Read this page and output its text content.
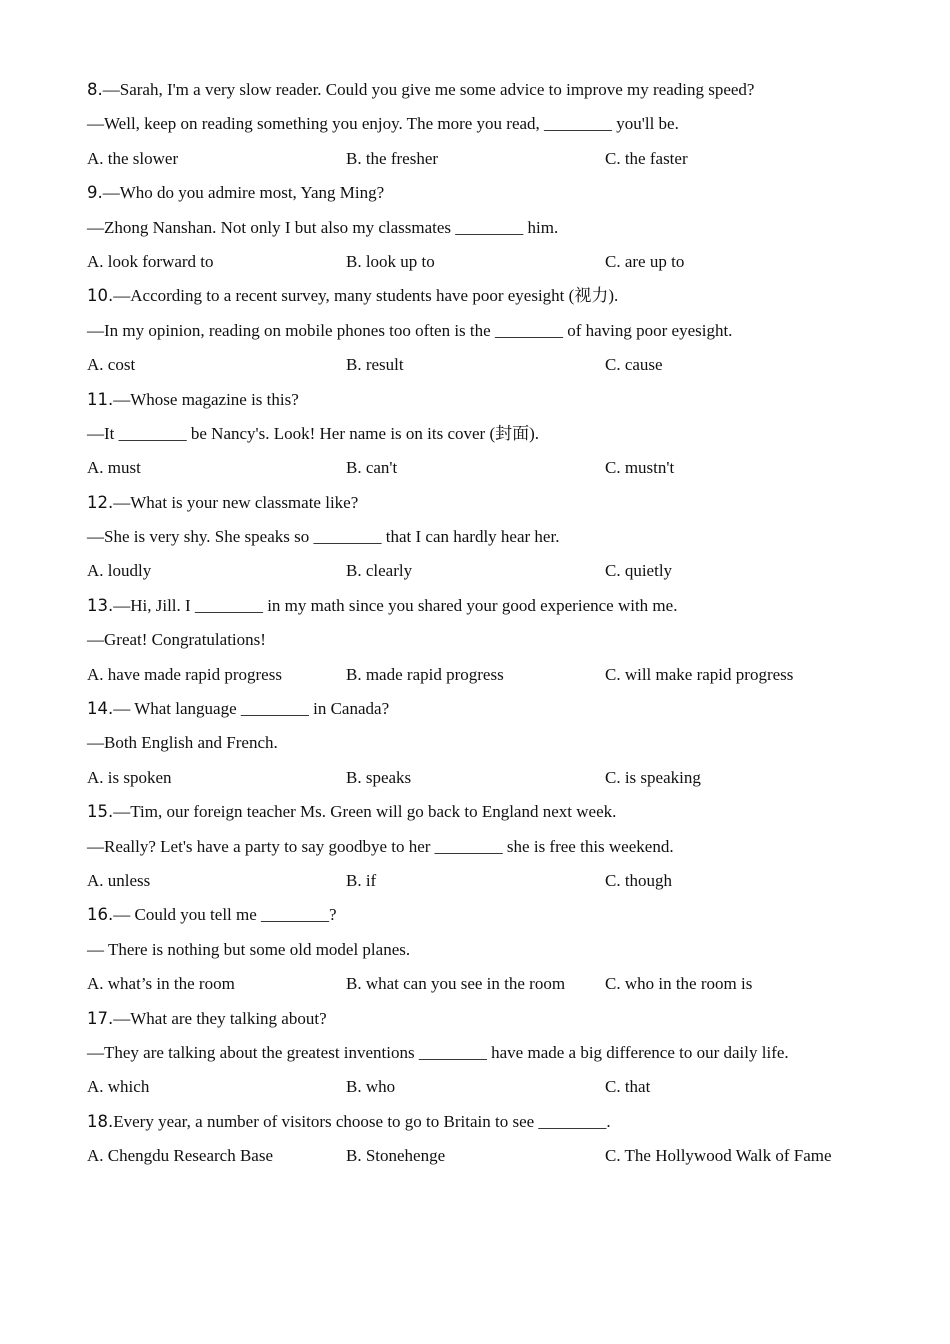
8.—Sarah, I'm a very slow reader. Could you give me some advice to improve my reading speed?
—Well, keep on reading something you enjoy. The more you read, ________ you'll be.
A. the slower	B. the fresher	C. the faster
9.—Who do you admire most, Yang Ming?
—Zhong Nanshan. Not only I but also my classmates ________ him.
A. look forward to	B. look up to	C. are up to
10.—According to a recent survey, many students have poor eyesight (视力).
—In my opinion, reading on mobile phones too often is the ________ of having poor eyesight.
A. cost	B. result	C. cause
11.—Whose magazine is this?
—It ________ be Nancy's. Look! Her name is on its cover (封面).
A. must	B. can't	C. mustn't
12.—What is your new classmate like?
—She is very shy. She speaks so ________ that I can hardly hear her.
A. loudly	B. clearly	C. quietly
13.—Hi, Jill. I ________ in my math since you shared your good experience with me.
—Great! Congratulations!
A. have made rapid progress	B. made rapid progress	C. will make rapid progress
14.— What language ________ in Canada?
—Both English and French.
A. is spoken	B. speaks	C. is speaking
15.—Tim, our foreign teacher Ms. Green will go back to England next week.
—Really? Let's have a party to say goodbye to her ________ she is free this weekend.
A. unless	B. if	C. though
16.— Could you tell me ________?
— There is nothing but some old model planes.
A. what’s in the room	B. what can you see in the room C. who in the room is
17.—What are they talking about?
—They are talking about the greatest inventions ________ have made a big difference to our daily life.
A. which	B. who	C. that
18.Every year, a number of visitors choose to go to Britain to see ________.
A. Chengdu Research Base	B. Stonehenge	C. The Hollywood Walk of Fame
